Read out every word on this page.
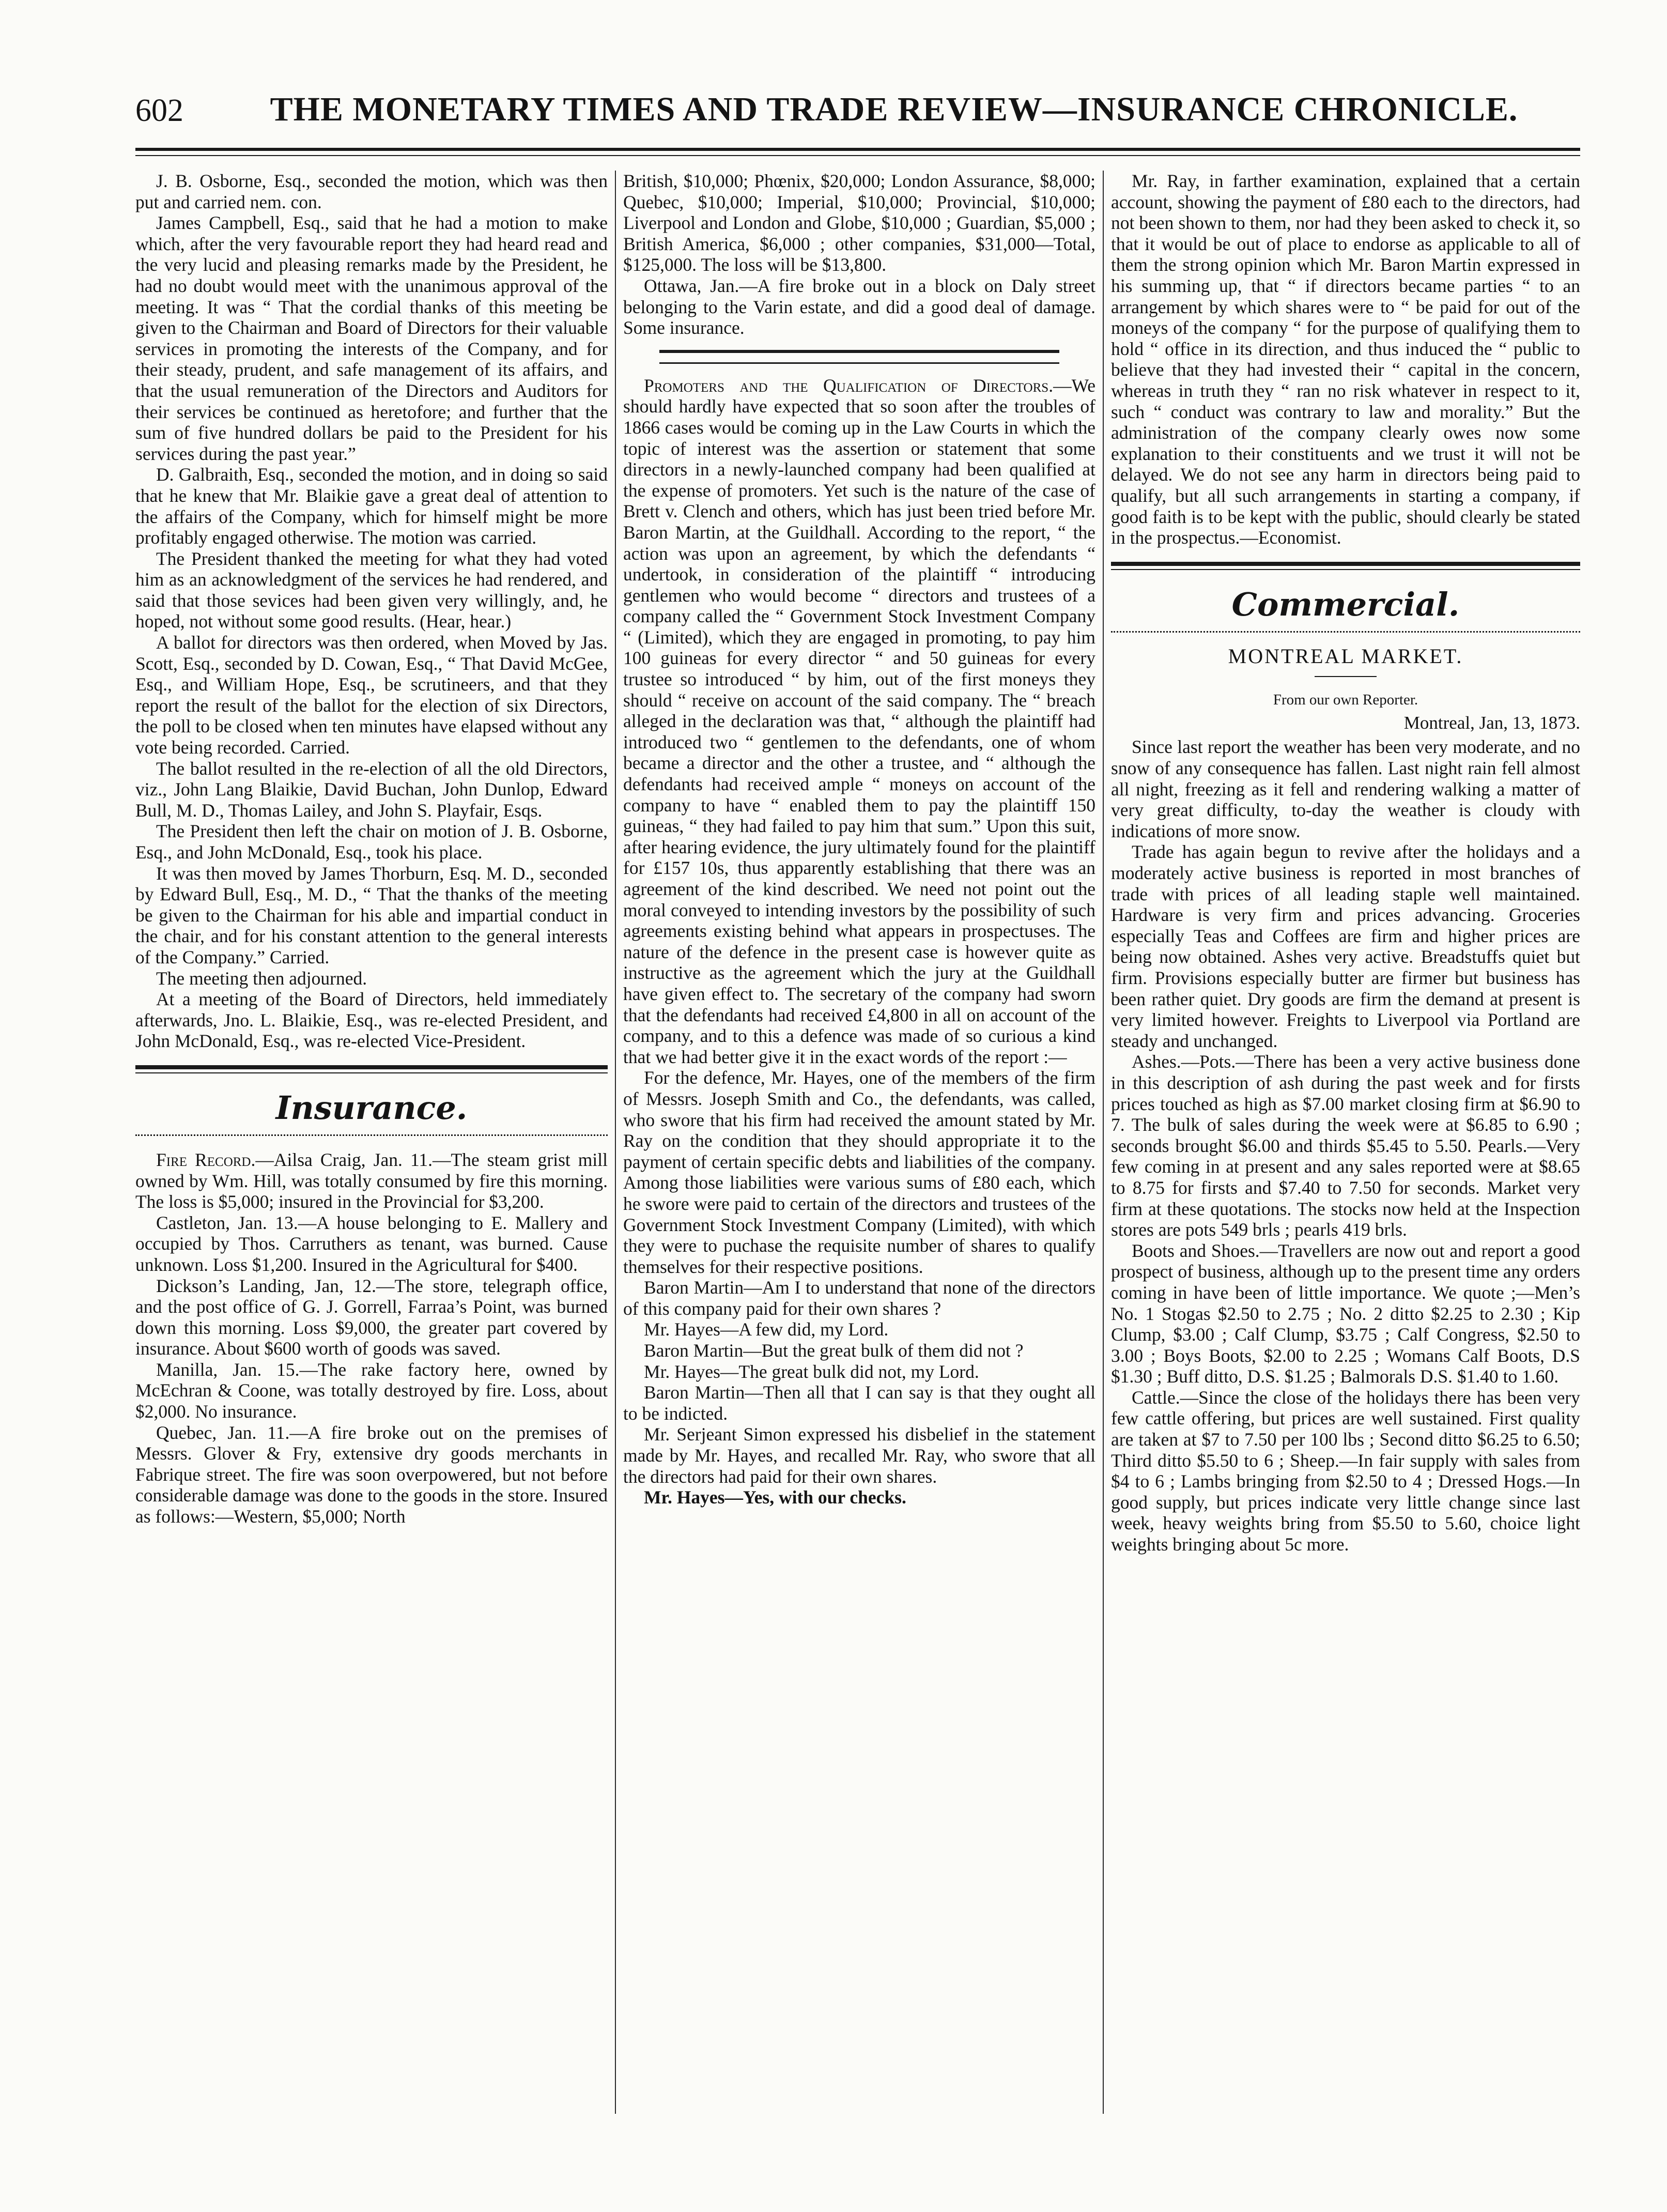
602	THE MONETARY TIMES AND TRADE REVIEW—INSURANCE CHRONICLE.

J. B. Osborne, Esq., seconded the motion, which was then put and carried nem. con.

James Campbell, Esq., said that he had a motion to make which, after the very favourable report they had heard read and the very lucid and pleasing remarks made by the President, he had no doubt would meet with the unanimous approval of the meeting. It was “ That the cordial thanks of this meeting be given to the Chairman and Board of Directors for their valuable services in promoting the interests of the Company, and for their steady, prudent, and safe management of its affairs, and that the usual remuneration of the Directors and Auditors for their services be continued as heretofore; and further that the sum of five hundred dollars be paid to the President for his services during the past year.”

D. Galbraith, Esq., seconded the motion, and in doing so said that he knew that Mr. Blaikie gave a great deal of attention to the affairs of the Company, which for himself might be more profitably engaged otherwise. The motion was carried.

The President thanked the meeting for what they had voted him as an acknowledgment of the services he had rendered, and said that those sevices had been given very willingly, and, he hoped, not without some good results. (Hear, hear.)

A ballot for directors was then ordered, when Moved by Jas. Scott, Esq., seconded by D. Cowan, Esq., “ That David McGee, Esq., and William Hope, Esq., be scrutineers, and that they report the result of the ballot for the election of six Directors, the poll to be closed when ten minutes have elapsed without any vote being recorded. Carried.

The ballot resulted in the re-election of all the old Directors, viz., John Lang Blaikie, David Buchan, John Dunlop, Edward Bull, M. D., Thomas Lailey, and John S. Playfair, Esqs.

The President then left the chair on motion of J. B. Osborne, Esq., and John McDonald, Esq., took his place.

It was then moved by James Thorburn, Esq. M. D., seconded by Edward Bull, Esq., M. D., “ That the thanks of the meeting be given to the Chairman for his able and impartial conduct in the chair, and for his constant attention to the general interests of the Company.” Carried.

The meeting then adjourned.

At a meeting of the Board of Directors, held immediately afterwards, Jno. L. Blaikie, Esq., was re-elected President, and John McDonald, Esq., was re-elected Vice-President.

Insurance.

Fire Record.—Ailsa Craig, Jan. 11.—The steam grist mill owned by Wm. Hill, was totally consumed by fire this morning. The loss is $5,000; insured in the Provincial for $3,200.

Castleton, Jan. 13.—A house belonging to E. Mallery and occupied by Thos. Carruthers as tenant, was burned. Cause unknown. Loss $1,200. Insured in the Agricultural for $400.

Dickson’s Landing, Jan, 12.—The store, telegraph office, and the post office of G. J. Gorrell, Farraa’s Point, was burned down this morning. Loss $9,000, the greater part covered by insurance. About $600 worth of goods was saved.

Manilla, Jan. 15.—The rake factory here, owned by McEchran & Coone, was totally destroyed by fire. Loss, about $2,000. No insurance.

Quebec, Jan. 11.—A fire broke out on the premises of Messrs. Glover & Fry, extensive dry goods merchants in Fabrique street. The fire was soon overpowered, but not before considerable damage was done to the goods in the store. Insured as follows:—Western, $5,000; North

British, $10,000; Phœnix, $20,000; London Assurance, $8,000; Quebec, $10,000; Imperial, $10,000; Provincial, $10,000; Liverpool and London and Globe, $10,000 ; Guardian, $5,000 ; British America, $6,000 ; other companies, $31,000—Total, $125,000. The loss will be $13,800.

Ottawa, Jan.—A fire broke out in a block on Daly street belonging to the Varin estate, and did a good deal of damage. Some insurance.

Promoters and the Qualification of Directors.—We should hardly have expected that so soon after the troubles of 1866 cases would be coming up in the Law Courts in which the topic of interest was the assertion or statement that some directors in a newly-launched company had been qualified at the expense of promoters. Yet such is the nature of the case of Brett v. Clench and others, which has just been tried before Mr. Baron Martin, at the Guildhall. According to the report, “ the action was upon an agreement, by which the defendants “ undertook, in consideration of the plaintiff “ introducing gentlemen who would become “ directors and trustees of a company called the “ Government Stock Investment Company “ (Limited), which they are engaged in promoting, to pay him 100 guineas for every director “ and 50 guineas for every trustee so introduced “ by him, out of the first moneys they should “ receive on account of the said company. The “ breach alleged in the declaration was that, “ although the plaintiff had introduced two “ gentlemen to the defendants, one of whom became a director and the other a trustee, and “ although the defendants had received ample “ moneys on account of the company to have “ enabled them to pay the plaintiff 150 guineas, “ they had failed to pay him that sum.” Upon this suit, after hearing evidence, the jury ultimately found for the plaintiff for £157 10s, thus apparently establishing that there was an agreement of the kind described. We need not point out the moral conveyed to intending investors by the possibility of such agreements existing behind what appears in prospectuses. The nature of the defence in the present case is however quite as instructive as the agreement which the jury at the Guildhall have given effect to. The secretary of the company had sworn that the defendants had received £4,800 in all on account of the company, and to this a defence was made of so curious a kind that we had better give it in the exact words of the report :—

For the defence, Mr. Hayes, one of the members of the firm of Messrs. Joseph Smith and Co., the defendants, was called, who swore that his firm had received the amount stated by Mr. Ray on the condition that they should appropriate it to the payment of certain specific debts and liabilities of the company. Among those liabilities were various sums of £80 each, which he swore were paid to certain of the directors and trustees of the Government Stock Investment Company (Limited), with which they were to puchase the requisite number of shares to qualify themselves for their respective positions.

Baron Martin—Am I to understand that none of the directors of this company paid for their own shares ?

Mr. Hayes—A few did, my Lord.

Baron Martin—But the great bulk of them did not ?

Mr. Hayes—The great bulk did not, my Lord.

Baron Martin—Then all that I can say is that they ought all to be indicted.

Mr. Serjeant Simon expressed his disbelief in the statement made by Mr. Hayes, and recalled Mr. Ray, who swore that all the directors had paid for their own shares.

Mr. Hayes—Yes, with our checks.

Mr. Ray, in farther examination, explained that a certain account, showing the payment of £80 each to the directors, had not been shown to them, nor had they been asked to check it, so that it would be out of place to endorse as applicable to all of them the strong opinion which Mr. Baron Martin expressed in his summing up, that “ if directors became parties “ to an arrangement by which shares were to “ be paid for out of the moneys of the company “ for the purpose of qualifying them to hold “ office in its direction, and thus induced the “ public to believe that they had invested their “ capital in the concern, whereas in truth they “ ran no risk whatever in respect to it, such “ conduct was contrary to law and morality.” But the administration of the company clearly owes now some explanation to their constituents and we trust it will not be delayed. We do not see any harm in directors being paid to qualify, but all such arrangements in starting a company, if good faith is to be kept with the public, should clearly be stated in the prospectus.—Economist.

Commercial.
MONTREAL MARKET.
From our own Reporter.
Montreal, Jan, 13, 1873.

Since last report the weather has been very moderate, and no snow of any consequence has fallen. Last night rain fell almost all night, freezing as it fell and rendering walking a matter of very great difficulty, to-day the weather is cloudy with indications of more snow.

Trade has again begun to revive after the holidays and a moderately active business is reported in most branches of trade with prices of all leading staple well maintained. Hardware is very firm and prices advancing. Groceries especially Teas and Coffees are firm and higher prices are being now obtained. Ashes very active. Breadstuffs quiet but firm. Provisions especially butter are firmer but business has been rather quiet. Dry goods are firm the demand at present is very limited however. Freights to Liverpool via Portland are steady and unchanged.

Ashes.—Pots.—There has been a very active business done in this description of ash during the past week and for firsts prices touched as high as $7.00 market closing firm at $6.90 to 7. The bulk of sales during the week were at $6.85 to 6.90 ; seconds brought $6.00 and thirds $5.45 to 5.50. Pearls.—Very few coming in at present and any sales reported were at $8.65 to 8.75 for firsts and $7.40 to 7.50 for seconds. Market very firm at these quotations. The stocks now held at the Inspection stores are pots 549 brls ; pearls 419 brls.

Boots and Shoes.—Travellers are now out and report a good prospect of business, although up to the present time any orders coming in have been of little importance. We quote ;—Men’s No. 1 Stogas $2.50 to 2.75 ; No. 2 ditto $2.25 to 2.30 ; Kip Clump, $3.00 ; Calf Clump, $3.75 ; Calf Congress, $2.50 to 3.00 ; Boys Boots, $2.00 to 2.25 ; Womans Calf Boots, D.S $1.30 ; Buff ditto, D.S. $1.25 ; Balmorals D.S. $1.40 to 1.60.

Cattle.—Since the close of the holidays there has been very few cattle offering, but prices are well sustained. First quality are taken at $7 to 7.50 per 100 lbs ; Second ditto $6.25 to 6.50; Third ditto $5.50 to 6 ; Sheep.—In fair supply with sales from $4 to 6 ; Lambs bringing from $2.50 to 4 ; Dressed Hogs.—In good supply, but prices indicate very little change since last week, heavy weights bring from $5.50 to 5.60, choice light weights bringing about 5c more.
